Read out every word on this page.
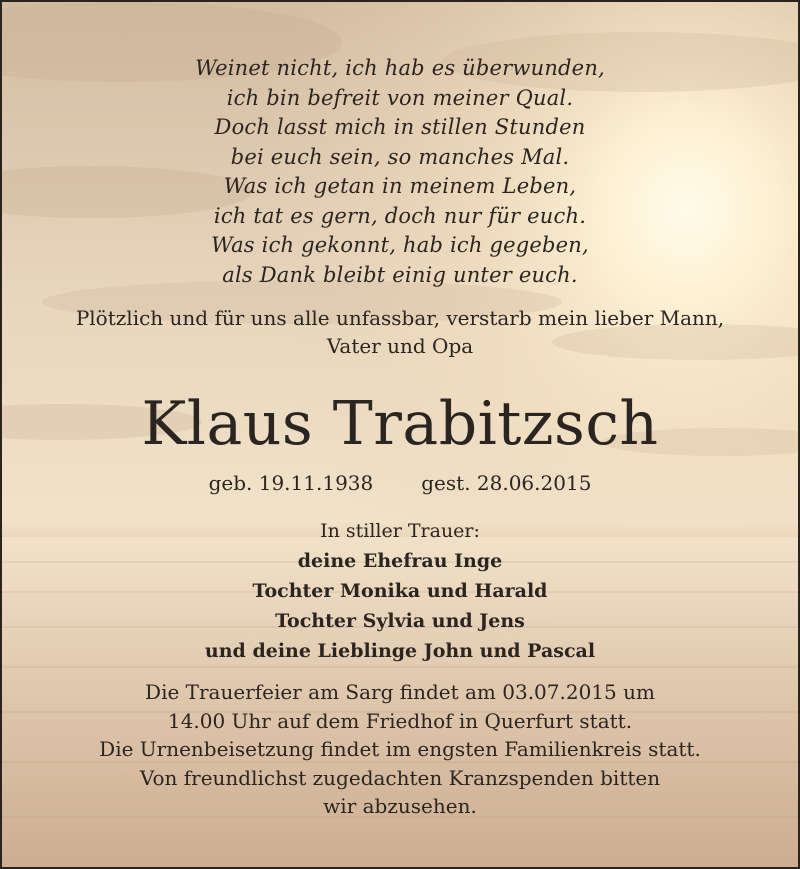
Weinet nicht, ich hab es überwunden,
ich bin befreit von meiner Qual.
Doch lasst mich in stillen Stunden
bei euch sein, so manches Mal.
Was ich getan in meinem Leben,
ich tat es gern, doch nur für euch.
Was ich gekonnt, hab ich gegeben,
als Dank bleibt einig unter euch.
Plötzlich und für uns alle unfassbar, verstarb mein lieber Mann,
Vater und Opa
Klaus Trabitzsch
geb. 19.11.1938 gest. 28.06.2015
In stiller Trauer:
deine Ehefrau Inge
Tochter Monika und Harald
Tochter Sylvia und Jens
und deine Lieblinge John und Pascal
Die Trauerfeier am Sarg findet am 03.07.2015 um
14.00 Uhr auf dem Friedhof in Querfurt statt.
Die Urnenbeisetzung findet im engsten Familienkreis statt.
Von freundlichst zugedachten Kranzspenden bitten
wir abzusehen.
